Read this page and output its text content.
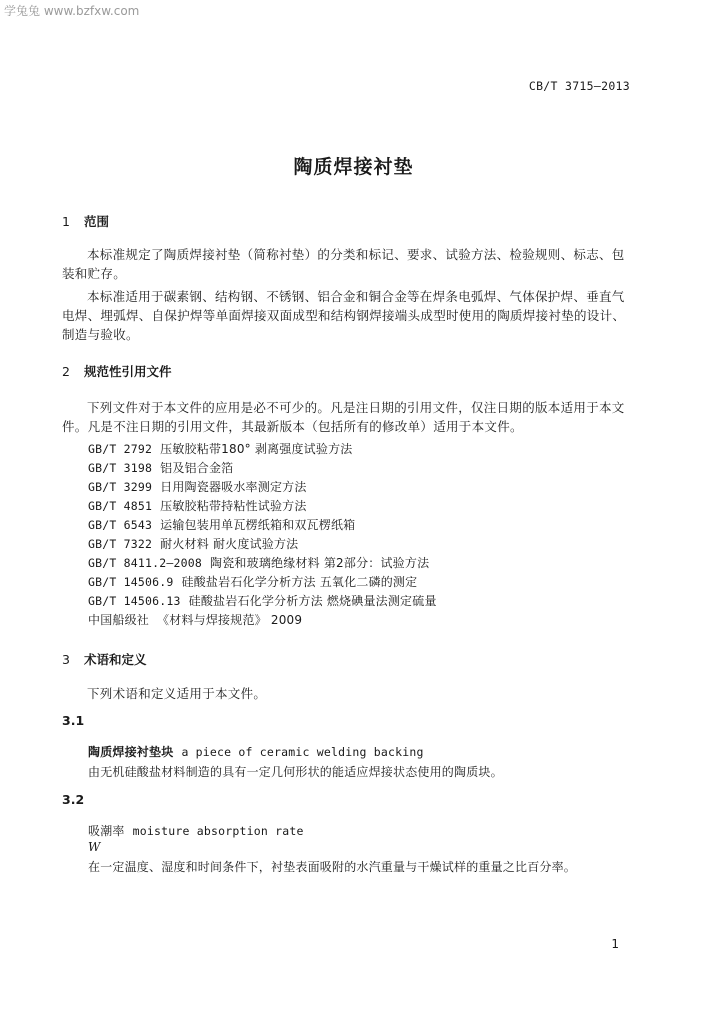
学兔兔 www.bzfxw.com
CB/T 3715—2013
陶质焊接衬垫
1 范围
本标准规定了陶质焊接衬垫（简称衬垫）的分类和标记、要求、试验方法、检验规则、标志、包装和贮存。
本标准适用于碳素钢、结构钢、不锈钢、铝合金和铜合金等在焊条电弧焊、气体保护焊、垂直气电焊、埋弧焊、自保护焊等单面焊接双面成型和结构钢焊接端头成型时使用的陶质焊接衬垫的设计、制造与验收。
2 规范性引用文件
下列文件对于本文件的应用是必不可少的。凡是注日期的引用文件，仅注日期的版本适用于本文件。凡是不注日期的引用文件，其最新版本（包括所有的修改单）适用于本文件。
GB/T 2792 压敏胶粘带180° 剥离强度试验方法
GB/T 3198 铝及铝合金箔
GB/T 3299 日用陶瓷器吸水率测定方法
GB/T 4851 压敏胶粘带持粘性试验方法
GB/T 6543 运输包装用单瓦楞纸箱和双瓦楞纸箱
GB/T 7322 耐火材料 耐火度试验方法
GB/T 8411.2—2008 陶瓷和玻璃绝缘材料 第2部分：试验方法
GB/T 14506.9 硅酸盐岩石化学分析方法 五氧化二磷的测定
GB/T 14506.13 硅酸盐岩石化学分析方法 燃烧碘量法测定硫量
中国船级社 《材料与焊接规范》 2009
3 术语和定义
下列术语和定义适用于本文件。
3.1
陶质焊接衬垫块 a piece of ceramic welding backing
由无机硅酸盐材料制造的具有一定几何形状的能适应焊接状态使用的陶质块。
3.2
吸潮率 moisture absorption rate
W
在一定温度、湿度和时间条件下，衬垫表面吸附的水汽重量与干燥试样的重量之比百分率。
1
